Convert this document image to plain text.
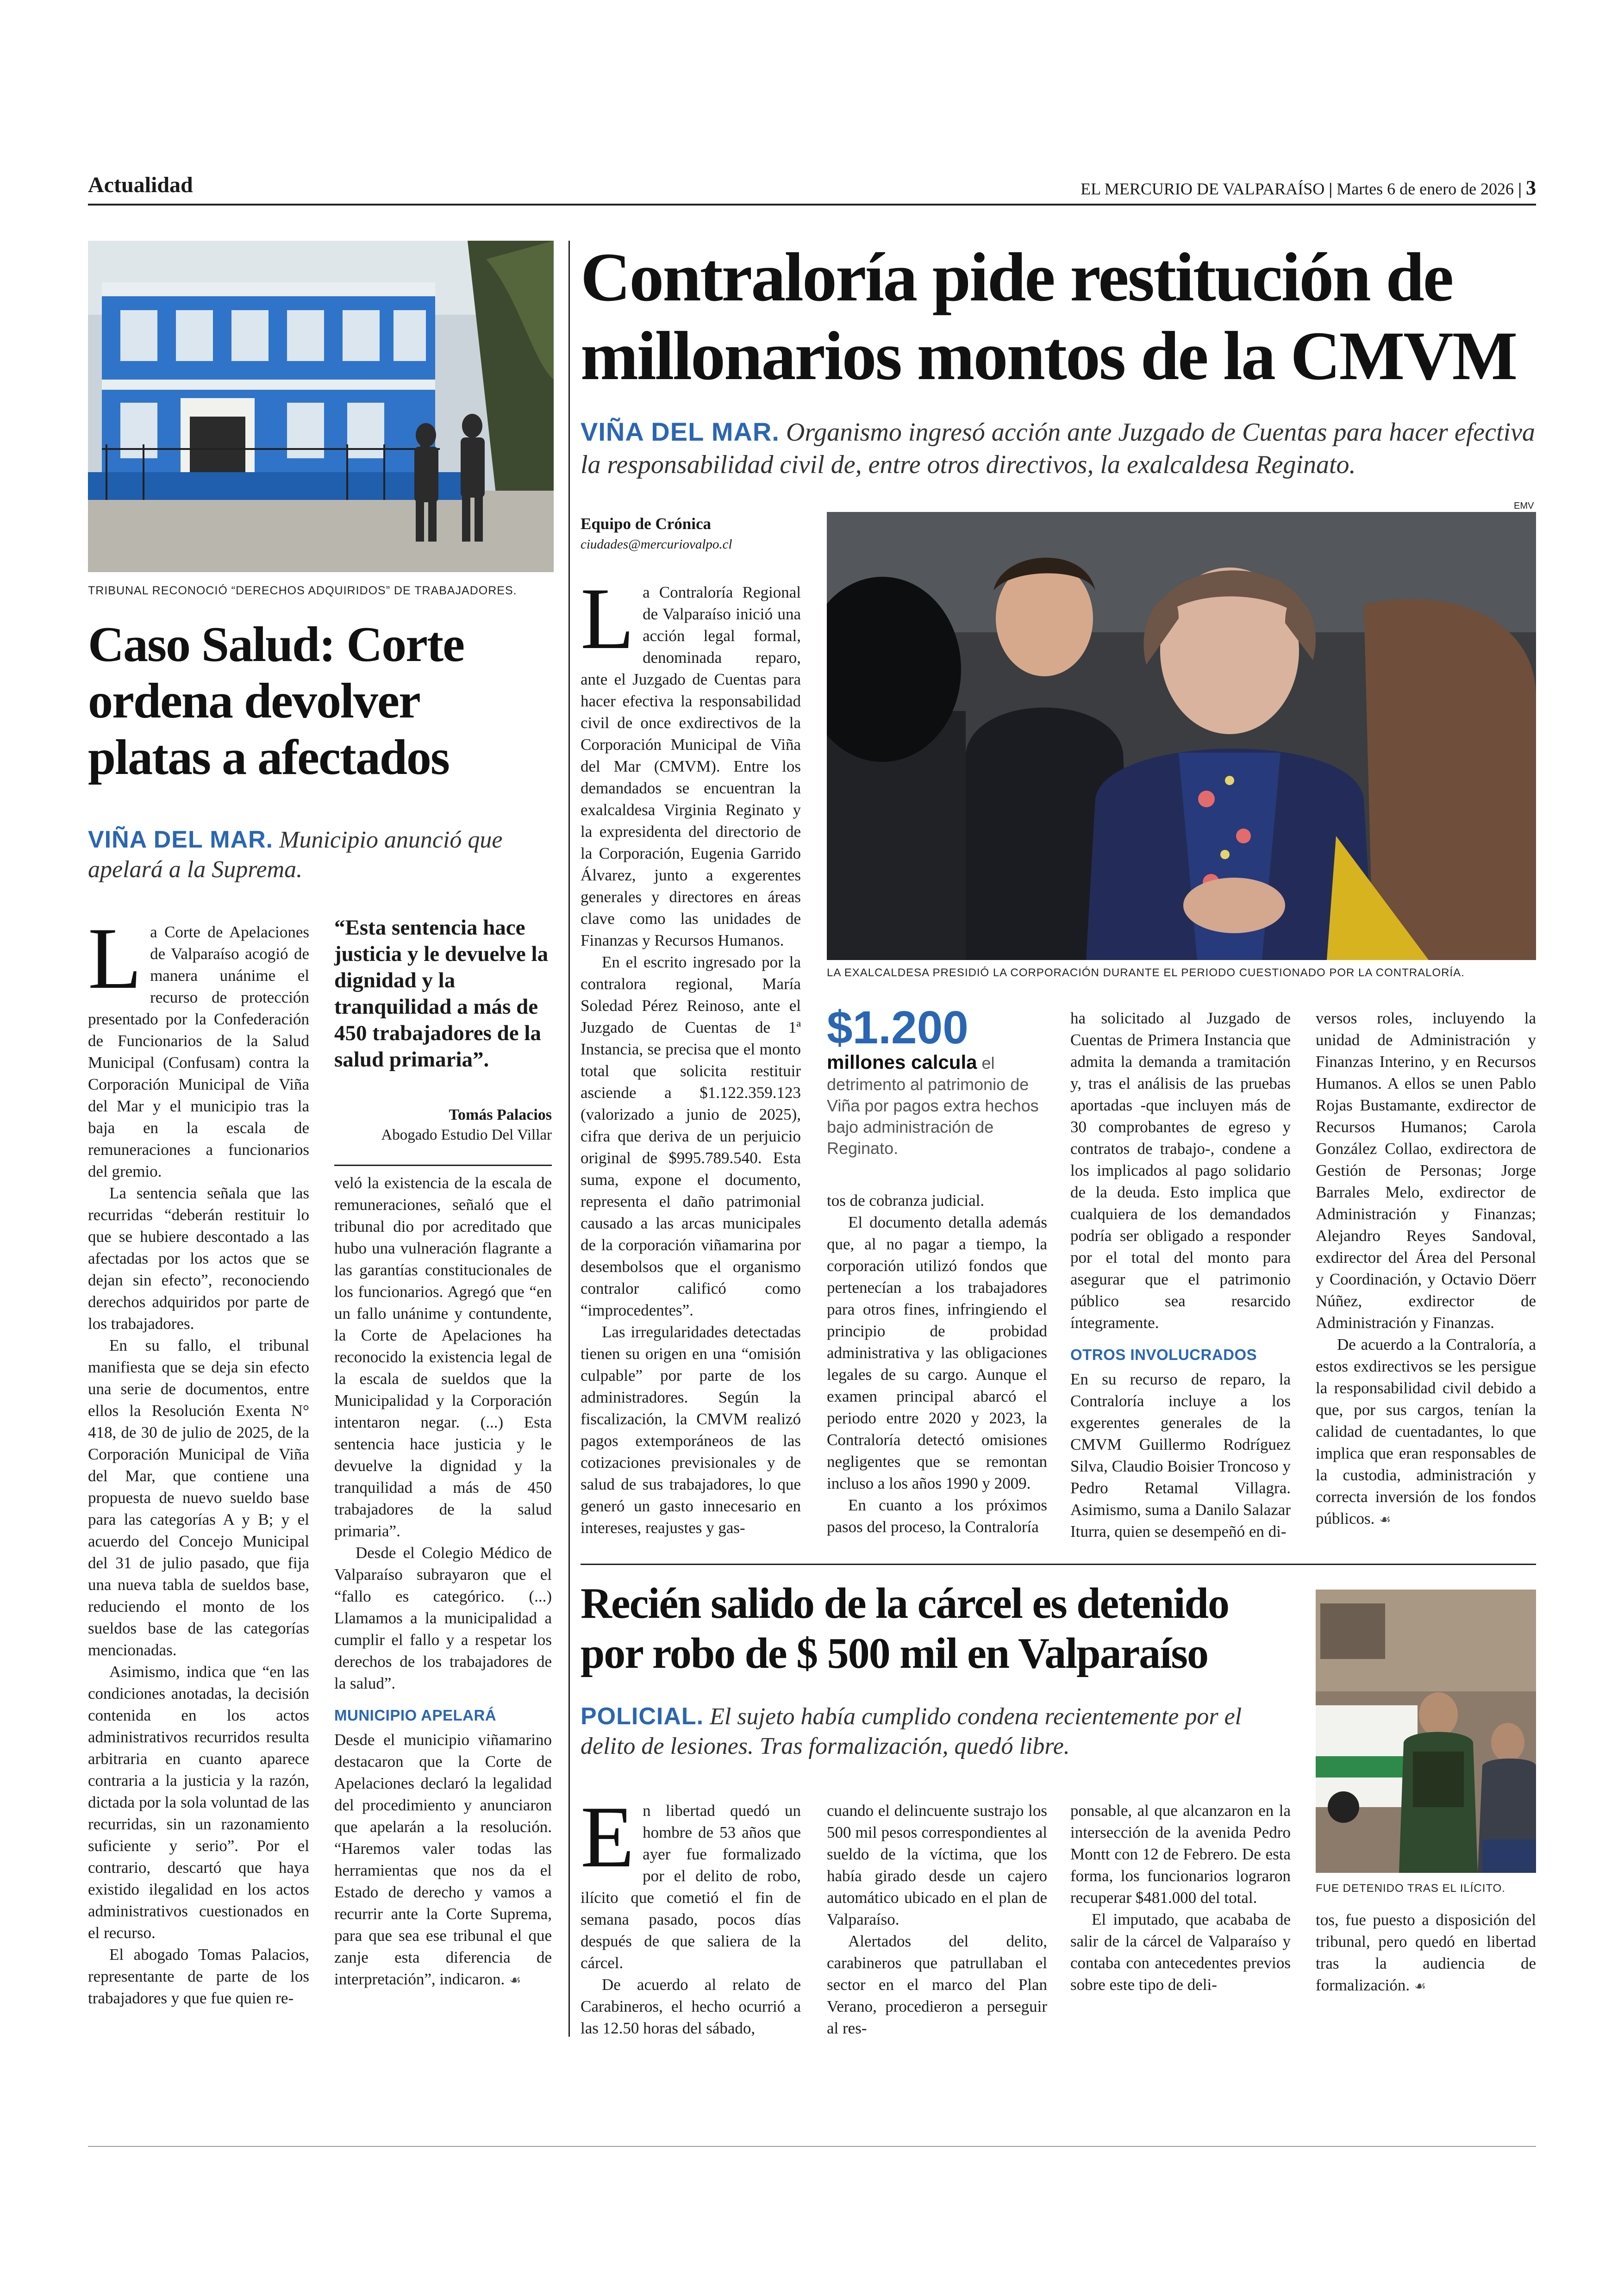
Actualidad	EL MERCURIO DE VALPARAÍSO | Martes 6 de enero de 2026 | 3
TRIBUNAL RECONOCIÓ “DERECHOS ADQUIRIDOS” DE TRABAJADORES.
Caso Salud: Corte ordena devolver platas a afectados
VIÑA DEL MAR. Municipio anunció que apelará a la Suprema.
L a Corte de Apelaciones de Valparaíso acogió de manera unánime el recurso de protección presentado por la Confederación de Funcionarios de la Salud Municipal (Confusam) contra la Corporación Municipal de Viña del Mar y el municipio tras la baja en la escala de remuneraciones a funcionarios del gremio.

La sentencia señala que las recurridas “deberán restituir lo que se hubiere descontado a las afectadas por los actos que se dejan sin efecto”, reconociendo derechos adquiridos por parte de los trabajadores.

En su fallo, el tribunal manifiesta que se deja sin efecto una serie de documentos, entre ellos la Resolución Exenta N° 418, de 30 de julio de 2025, de la Corporación Municipal de Viña del Mar, que contiene una propuesta de nuevo sueldo base para las categorías A y B; y el acuerdo del Concejo Municipal del 31 de julio pasado, que fija una nueva tabla de sueldos base, reduciendo el monto de los sueldos base de las categorías mencionadas.

Asimismo, indica que “en las condiciones anotadas, la decisión contenida en los actos administrativos recurridos resulta arbitraria en cuanto aparece contraria a la justicia y la razón, dictada por la sola voluntad de las recurridas, sin un razonamiento suficiente y serio”. Por el contrario, descartó que haya existido ilegalidad en los actos administrativos cuestionados en el recurso.

El abogado Tomas Palacios, representante de parte de los trabajadores y que fue quien re-

“Esta sentencia hace justicia y le devuelve la dignidad y la tranquilidad a más de 450 trabajadores de la salud primaria”.
Tomás Palacios
Abogado Estudio Del Villar

veló la existencia de la escala de remuneraciones, señaló que el tribunal dio por acreditado que hubo una vulneración flagrante a las garantías constitucionales de los funcionarios. Agregó que “en un fallo unánime y contundente, la Corte de Apelaciones ha reconocido la existencia legal de la escala de sueldos que la Municipalidad y la Corporación intentaron negar. (...) Esta sentencia hace justicia y le devuelve la dignidad y la tranquilidad a más de 450 trabajadores de la salud primaria”.

Desde el Colegio Médico de Valparaíso subrayaron que el “fallo es categórico. (...) Llamamos a la municipalidad a cumplir el fallo y a respetar los derechos de los trabajadores de la salud”.

MUNICIPIO APELARÁ

Desde el municipio viñamarino destacaron que la Corte de Apelaciones declaró la legalidad del procedimiento y anunciaron que apelarán a la resolución. “Haremos valer todas las herramientas que nos da el Estado de derecho y vamos a recurrir ante la Corte Suprema, para que sea ese tribunal el que zanje esta diferencia de interpretación”, indicaron. ☙

Contraloría pide restitución de millonarios montos de la CMVM
VIÑA DEL MAR. Organismo ingresó acción ante Juzgado de Cuentas para hacer efectiva la responsabilidad civil de, entre otros directivos, la exalcaldesa Reginato.
Equipo de Crónica
ciudades@mercuriovalpo.cl
EMV
LA EXALCALDESA PRESIDIÓ LA CORPORACIÓN DURANTE EL PERIODO CUESTIONADO POR LA CONTRALORÍA.
L a Contraloría Regional de Valparaíso inició una acción legal formal, denominada reparo, ante el Juzgado de Cuentas para hacer efectiva la responsabilidad civil de once exdirectivos de la Corporación Municipal de Viña del Mar (CMVM). Entre los demandados se encuentran la exalcaldesa Virginia Reginato y la expresidenta del directorio de la Corporación, Eugenia Garrido Álvarez, junto a exgerentes generales y directores en áreas clave como las unidades de Finanzas y Recursos Humanos.

En el escrito ingresado por la contralora regional, María Soledad Pérez Reinoso, ante el Juzgado de Cuentas de 1ª Instancia, se precisa que el monto total que solicita restituir asciende a $1.122.359.123 (valorizado a junio de 2025), cifra que deriva de un perjuicio original de $995.789.540. Esta suma, expone el documento, representa el daño patrimonial causado a las arcas municipales de la corporación viñamarina por desembolsos que el organismo contralor calificó como “improcedentes”.

Las irregularidades detectadas tienen su origen en una “omisión culpable” por parte de los administradores. Según la fiscalización, la CMVM realizó pagos extemporáneos de las cotizaciones previsionales y de salud de sus trabajadores, lo que generó un gasto innecesario en intereses, reajustes y gas-

$1.200
millones calcula el detrimento al patrimonio de Viña por pagos extra hechos bajo administración de Reginato.

tos de cobranza judicial.

El documento detalla además que, al no pagar a tiempo, la corporación utilizó fondos que pertenecían a los trabajadores para otros fines, infringiendo el principio de probidad administrativa y las obligaciones legales de su cargo. Aunque el examen principal abarcó el periodo entre 2020 y 2023, la Contraloría detectó omisiones negligentes que se remontan incluso a los años 1990 y 2009.

En cuanto a los próximos pasos del proceso, la Contraloría

ha solicitado al Juzgado de Cuentas de Primera Instancia que admita la demanda a tramitación y, tras el análisis de las pruebas aportadas -que incluyen más de 30 comprobantes de egreso y contratos de trabajo-, condene a los implicados al pago solidario de la deuda. Esto implica que cualquiera de los demandados podría ser obligado a responder por el total del monto para asegurar que el patrimonio público sea resarcido íntegramente.

OTROS INVOLUCRADOS

En su recurso de reparo, la Contraloría incluye a los exgerentes generales de la CMVM Guillermo Rodríguez Silva, Claudio Boisier Troncoso y Pedro Retamal Villagra. Asimismo, suma a Danilo Salazar Iturra, quien se desempeñó en di-

versos roles, incluyendo la unidad de Administración y Finanzas Interino, y en Recursos Humanos. A ellos se unen Pablo Rojas Bustamante, exdirector de Recursos Humanos; Carola González Collao, exdirectora de Gestión de Personas; Jorge Barrales Melo, exdirector de Administración y Finanzas; Alejandro Reyes Sandoval, exdirector del Área del Personal y Coordinación, y Octavio Döerr Núñez, exdirector de Administración y Finanzas.

De acuerdo a la Contraloría, a estos exdirectivos se les persigue la responsabilidad civil debido a que, por sus cargos, tenían la calidad de cuentadantes, lo que implica que eran responsables de la custodia, administración y correcta inversión de los fondos públicos. ☙

Recién salido de la cárcel es detenido por robo de $ 500 mil en Valparaíso
POLICIAL. El sujeto había cumplido condena recientemente por el delito de lesiones. Tras formalización, quedó libre.
FUE DETENIDO TRAS EL ILÍCITO.
E n libertad quedó un hombre de 53 años que ayer fue formalizado por el delito de robo, ilícito que cometió el fin de semana pasado, pocos días después de que saliera de la cárcel.

De acuerdo al relato de Carabineros, el hecho ocurrió a las 12.50 horas del sábado,

cuando el delincuente sustrajo los 500 mil pesos correspondientes al sueldo de la víctima, que los había girado desde un cajero automático ubicado en el plan de Valparaíso.

Alertados del delito, carabineros que patrullaban el sector en el marco del Plan Verano, procedieron a perseguir al res-

ponsable, al que alcanzaron en la intersección de la avenida Pedro Montt con 12 de Febrero. De esta forma, los funcionarios lograron recuperar $481.000 del total.

El imputado, que acababa de salir de la cárcel de Valparaíso y contaba con antecedentes previos sobre este tipo de deli-

tos, fue puesto a disposición del tribunal, pero quedó en libertad tras la audiencia de formalización. ☙
